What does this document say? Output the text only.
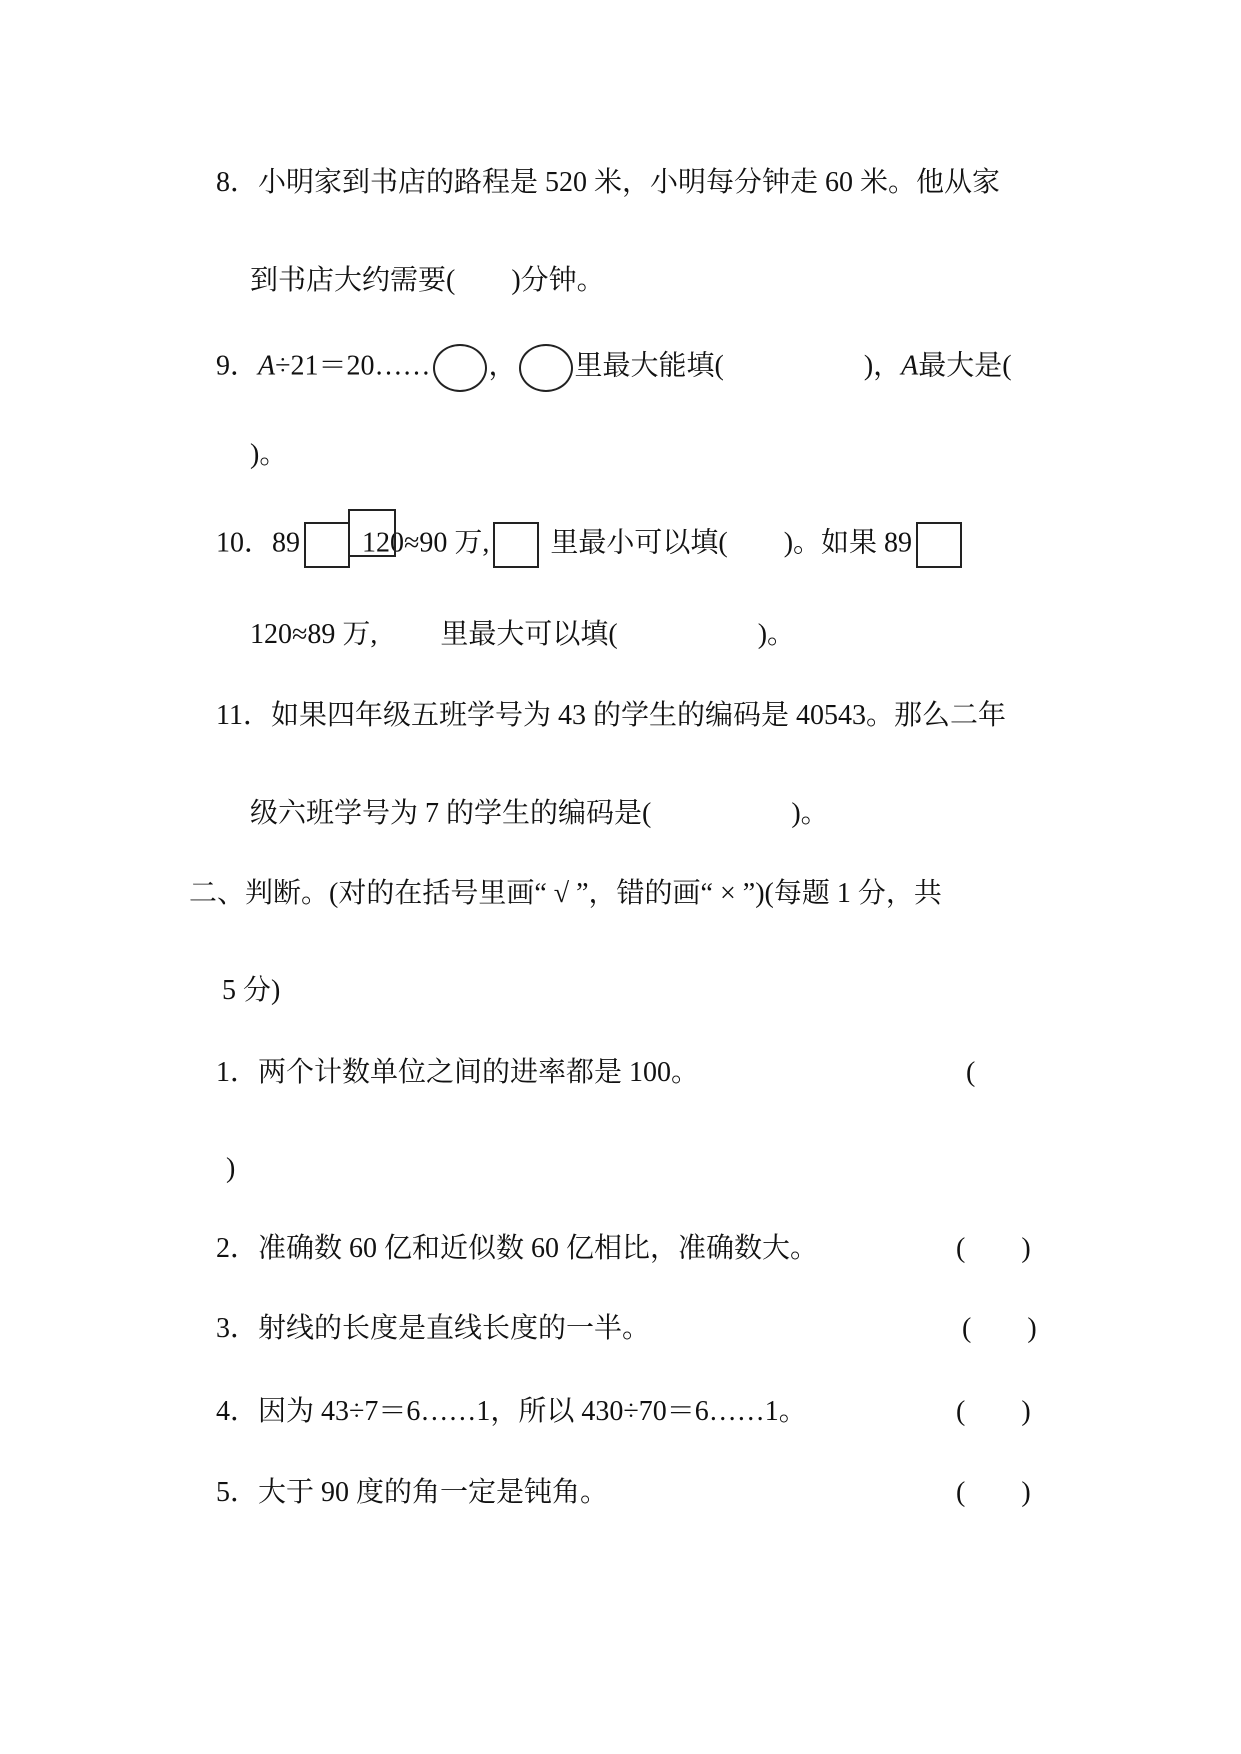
8．小明家到书店的路程是 520 米，小明每分钟走 60 米。他从家
到书店大约需要(　　)分钟。
9．A÷21＝20…… ， 里最大能填(　　　　　)，A最大是(
)。
10．89 120≈90 万, 里最小可以填(　　)。如果 89
120≈89 万,　　 里最大可以填(　　　　　)。
11．如果四年级五班学号为 43 的学生的编码是 40543。那么二年
级六班学号为 7 的学生的编码是(　　　　　)。
二、判断。(对的在括号里画“ √ ”，错的画“ × ”)(每题 1 分，共
5 分)
1．两个计数单位之间的进率都是 100。	(
)
2．准确数 60 亿和近似数 60 亿相比，准确数大。	(　　)
3．射线的长度是直线长度的一半。	(　　)
4．因为 43÷7＝6……1，所以 430÷70＝6……1。	(　　)
5．大于 90 度的角一定是钝角。	(　　)
